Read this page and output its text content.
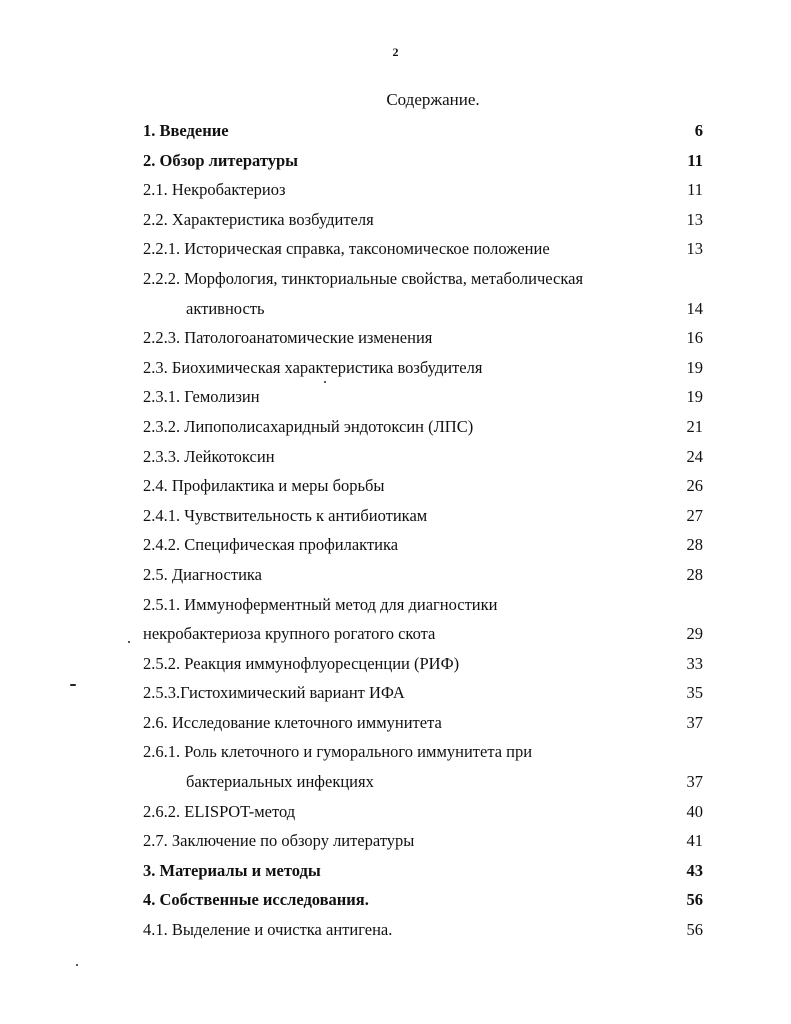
2
Содержание.
1. Введение	6
2. Обзор литературы	11
2.1. Некробактериоз	11
2.2. Характеристика возбудителя	13
2.2.1. Историческая справка, таксономическое положение	13
2.2.2. Морфология, тинкториальные свойства, метаболическая
активность	14
2.2.3. Патологоанатомические изменения	16
2.3. Биохимическая характеристика возбудителя	19
2.3.1. Гемолизин	19
2.3.2. Липополисахаридный эндотоксин (ЛПС)	21
2.3.3. Лейкотоксин	24
2.4. Профилактика и меры борьбы	26
2.4.1. Чувствительность к антибиотикам	27
2.4.2. Специфическая профилактика	28
2.5. Диагностика	28
2.5.1. Иммуноферментный метод для диагностики
некробактериоза крупного рогатого скота	29
2.5.2. Реакция иммунофлуоресценции (РИФ)	33
2.5.3.Гистохимический вариант ИФА	35
2.6. Исследование клеточного иммунитета	37
2.6.1. Роль клеточного и гуморального иммунитета при
бактериальных инфекциях	37
2.6.2. ELISPOT-метод	40
2.7. Заключение по обзору литературы	41
3. Материалы и методы	43
4. Собственные исследования.	56
4.1. Выделение и очистка антигена.	56
